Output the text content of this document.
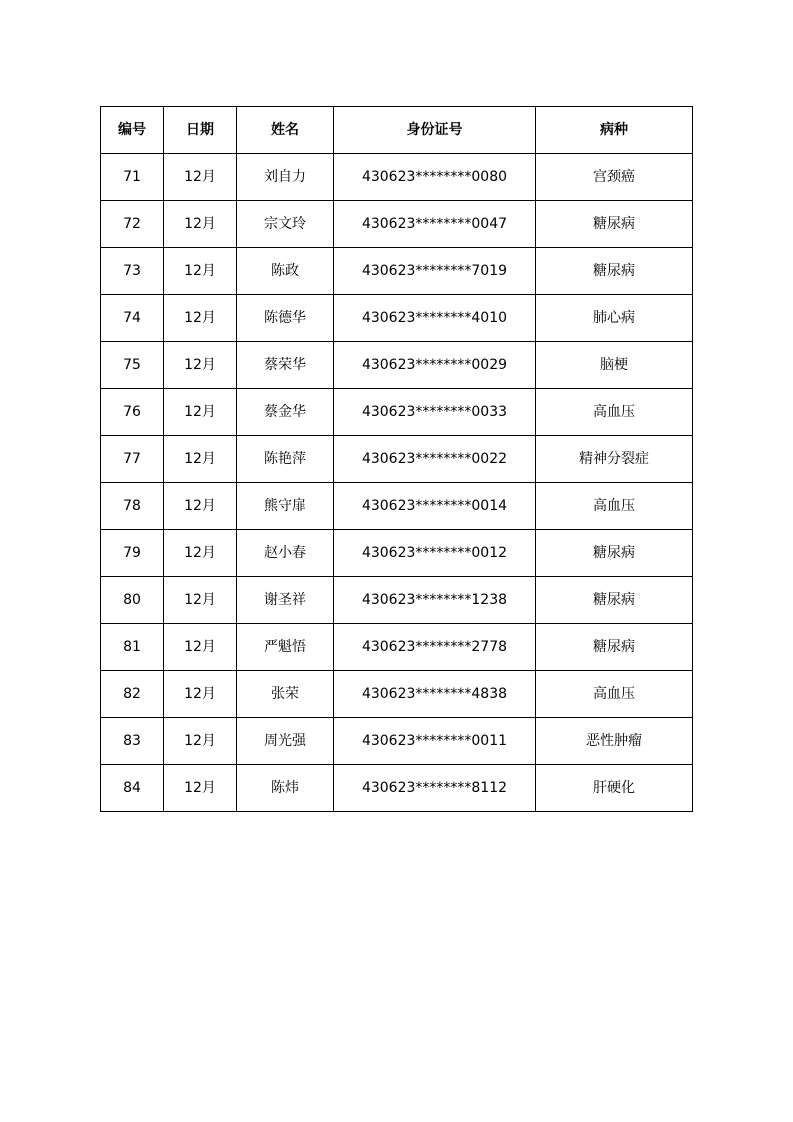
编号	日期	姓名	身份证号	病种
71	12月	刘自力	430623********0080	宫颈癌
72	12月	宗文玲	430623********0047	糖尿病
73	12月	陈政	430623********7019	糖尿病
74	12月	陈德华	430623********4010	肺心病
75	12月	蔡荣华	430623********0029	脑梗
76	12月	蔡金华	430623********0033	高血压
77	12月	陈艳萍	430623********0022	精神分裂症
78	12月	熊守扉	430623********0014	高血压
79	12月	赵小春	430623********0012	糖尿病
80	12月	谢圣祥	430623********1238	糖尿病
81	12月	严魁悟	430623********2778	糖尿病
82	12月	张荣	430623********4838	高血压
83	12月	周光强	430623********0011	恶性肿瘤
84	12月	陈炜	430623********8112	肝硬化
